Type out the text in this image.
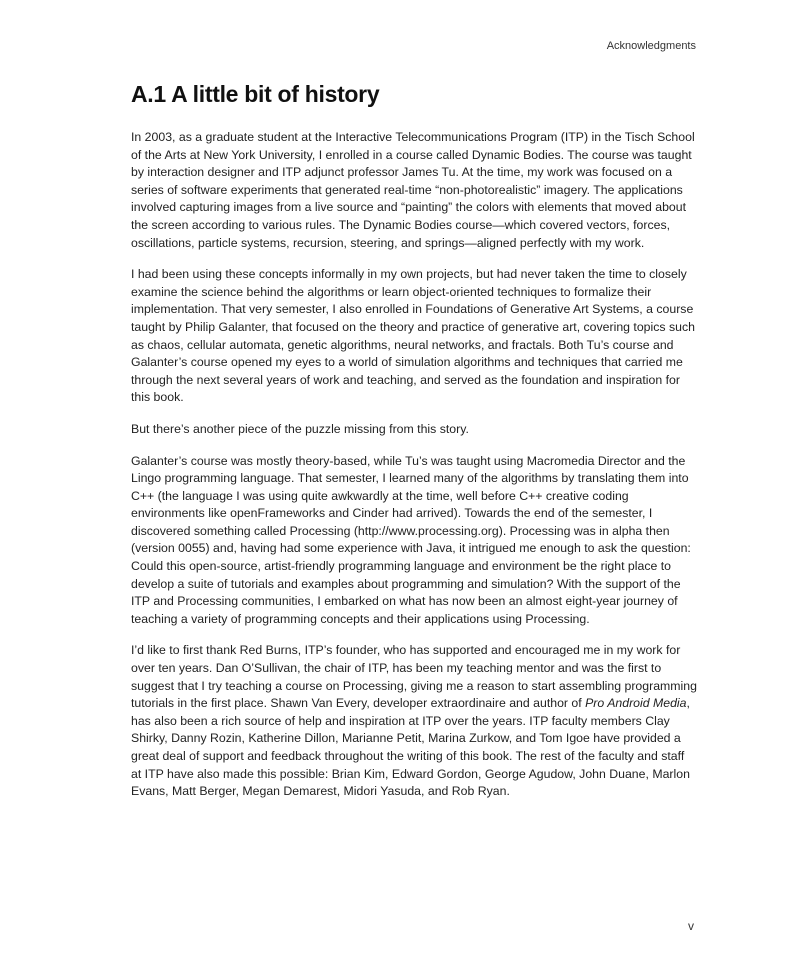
Acknowledgments
A.1 A little bit of history

In 2003, as a graduate student at the Interactive Telecommunications Program (ITP) in the Tisch School of the Arts at New York University, I enrolled in a course called Dynamic Bodies. The course was taught by interaction designer and ITP adjunct professor James Tu. At the time, my work was focused on a series of software experiments that generated real-time “non-photorealistic” imagery. The applications involved capturing images from a live source and “painting” the colors with elements that moved about the screen according to various rules. The Dynamic Bodies course—which covered vectors, forces, oscillations, particle systems, recursion, steering, and springs—aligned perfectly with my work.

I had been using these concepts informally in my own projects, but had never taken the time to closely examine the science behind the algorithms or learn object-oriented techniques to formalize their implementation. That very semester, I also enrolled in Foundations of Generative Art Systems, a course taught by Philip Galanter, that focused on the theory and practice of generative art, covering topics such as chaos, cellular automata, genetic algorithms, neural networks, and fractals. Both Tu’s course and Galanter’s course opened my eyes to a world of simulation algorithms and techniques that carried me through the next several years of work and teaching, and served as the foundation and inspiration for this book.

But there’s another piece of the puzzle missing from this story.

Galanter’s course was mostly theory-based, while Tu’s was taught using Macromedia Director and the Lingo programming language. That semester, I learned many of the algorithms by translating them into C++ (the language I was using quite awkwardly at the time, well before C++ creative coding environments like openFrameworks and Cinder had arrived). Towards the end of the semester, I discovered something called Processing (http://www.processing.org). Processing was in alpha then (version 0055) and, having had some experience with Java, it intrigued me enough to ask the question: Could this open-source, artist-friendly programming language and environment be the right place to develop a suite of tutorials and examples about programming and simulation? With the support of the ITP and Processing communities, I embarked on what has now been an almost eight-year journey of teaching a variety of programming concepts and their applications using Processing.

I’d like to first thank Red Burns, ITP’s founder, who has supported and encouraged me in my work for over ten years. Dan O’Sullivan, the chair of ITP, has been my teaching mentor and was the first to suggest that I try teaching a course on Processing, giving me a reason to start assembling programming tutorials in the first place. Shawn Van Every, developer extraordinaire and author of Pro Android Media, has also been a rich source of help and inspiration at ITP over the years. ITP faculty members Clay Shirky, Danny Rozin, Katherine Dillon, Marianne Petit, Marina Zurkow, and Tom Igoe have provided a great deal of support and feedback throughout the writing of this book. The rest of the faculty and staff at ITP have also made this possible: Brian Kim, Edward Gordon, George Agudow, John Duane, Marlon Evans, Matt Berger, Megan Demarest, Midori Yasuda, and Rob Ryan.

v
